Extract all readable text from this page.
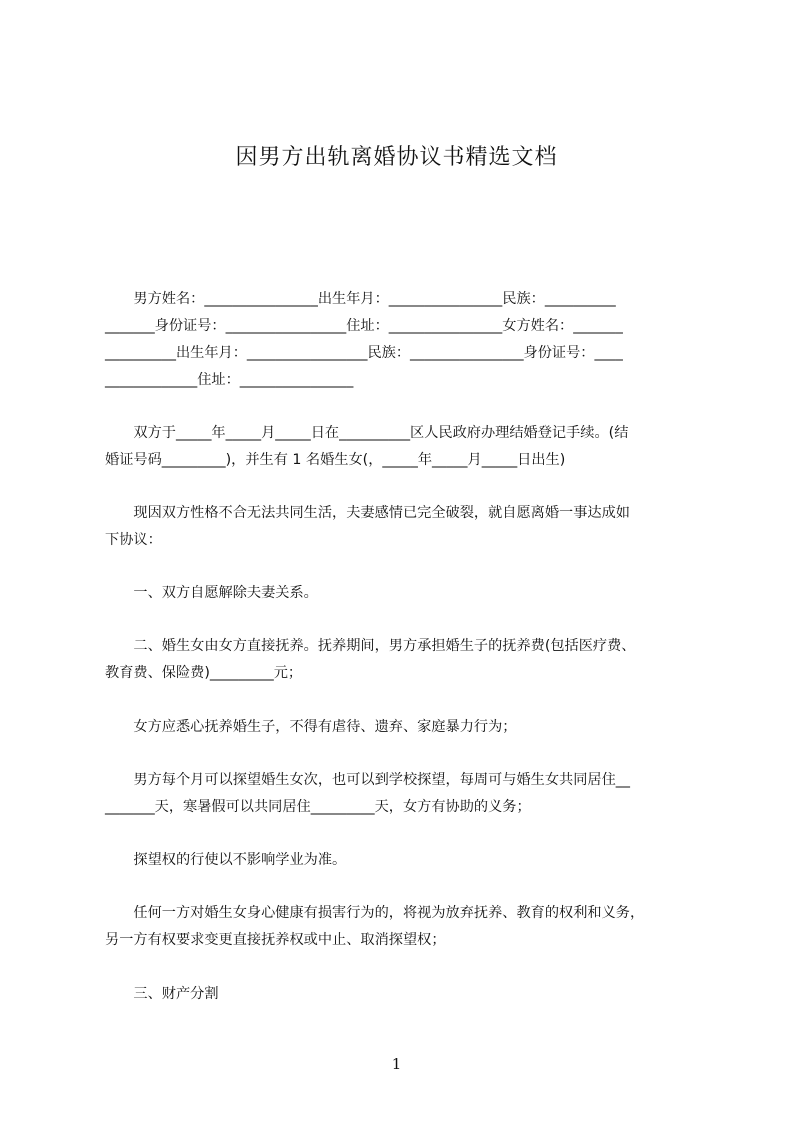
因男方出轨离婚协议书精选文档

　　男方姓名：________________出生年月：________________民族：__________
_______身份证号：_________________住址：________________女方姓名：_______
__________出生年月：_________________民族：________________身份证号：____
_____________住址：________________

　　双方于_____年_____月_____日在__________区人民政府办理结婚登记手续。(结
婚证号码_________)，并生有 1 名婚生女(，_____年_____月_____日出生)

　　现因双方性格不合无法共同生活，夫妻感情已完全破裂，就自愿离婚一事达成如
下协议：

　　一、双方自愿解除夫妻关系。

　　二、婚生女由女方直接抚养。抚养期间，男方承担婚生子的抚养费(包括医疗费、
教育费、保险费)_________元；

　　女方应悉心抚养婚生子，不得有虐待、遗弃、家庭暴力行为；

　　男方每个月可以探望婚生女次，也可以到学校探望，每周可与婚生女共同居住__
_______天，寒暑假可以共同居住_________天，女方有协助的义务；

　　探望权的行使以不影响学业为准。

　　任何一方对婚生女身心健康有损害行为的，将视为放弃抚养、教育的权利和义务，
另一方有权要求变更直接抚养权或中止、取消探望权；

　　三、财产分割

1
